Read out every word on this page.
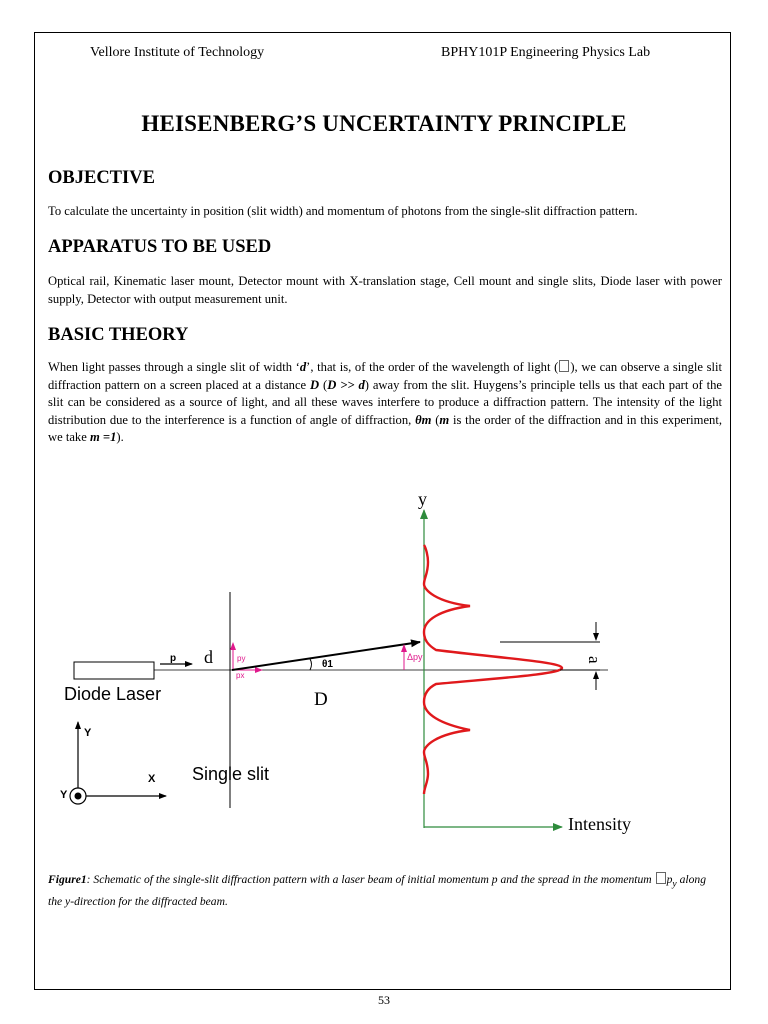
Vellore Institute of Technology	BPHY101P Engineering Physics Lab
HEISENBERG’S UNCERTAINTY PRINCIPLE
OBJECTIVE
To calculate the uncertainty in position (slit width) and momentum of photons from the single-slit diffraction pattern.
APPARATUS TO BE USED
Optical rail, Kinematic laser mount, Detector mount with X-translation stage, Cell mount and single slits, Diode laser with power supply, Detector with output measurement unit.
BASIC THEORY
When light passes through a single slit of width ‘d’, that is, of the order of the wavelength of light ( ), we can observe a single slit diffraction pattern on a screen placed at a distance D (D >> d) away from the slit. Huygens’s principle tells us that each part of the slit can be considered as a source of light, and all these waves interfere to produce a diffraction pattern. The intensity of the light distribution due to the interference is a function of angle of diffraction, θm (m is the order of the diffraction and in this experiment, we take m =1).
p d	py
px
θ1
Δpy
D
y
Intensity
a
Diode Laser
Single slit
Y
X
Y
Figure1: Schematic of the single-slit diffraction pattern with a laser beam of initial momentum p and the spread in the momentum $p_y$ along the y-direction for the diffracted beam.
53
